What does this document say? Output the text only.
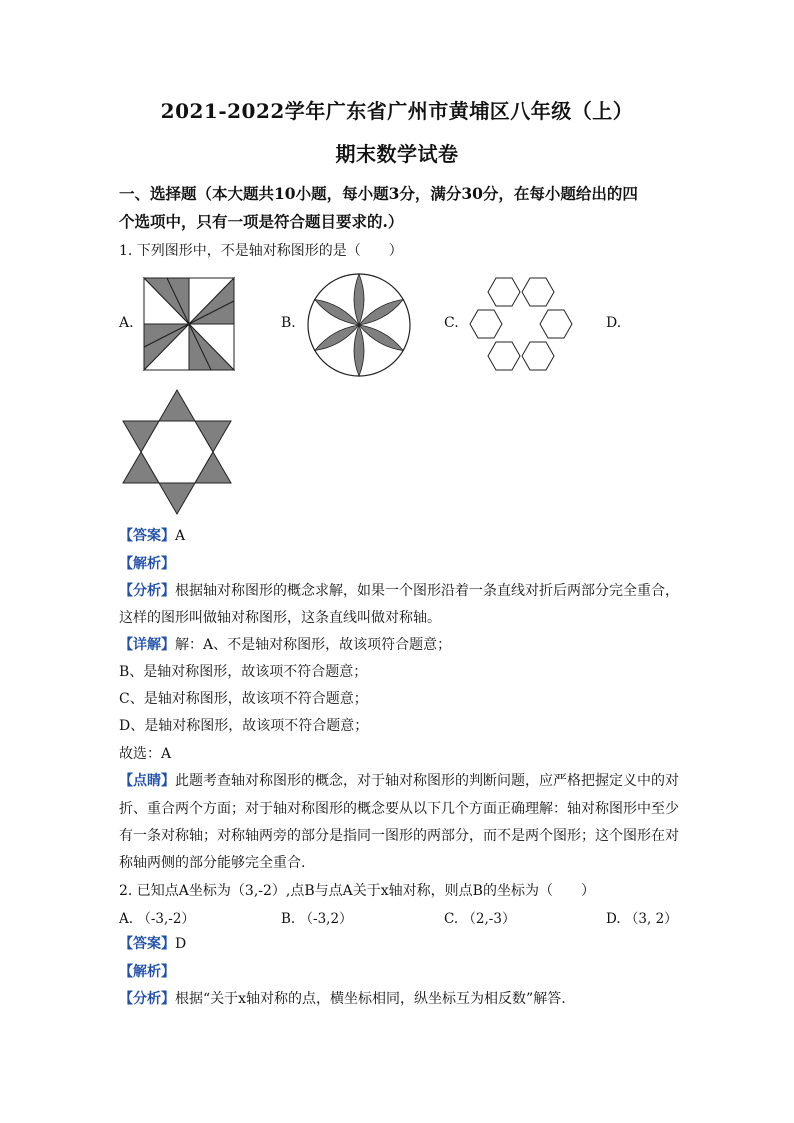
2021-2022学年广东省广州市黄埔区八年级（上）
期末数学试卷
一、选择题（本大题共10小题，每小题3分，满分30分，在每小题给出的四
个选项中，只有一项是符合题目要求的.）
1. 下列图形中，不是轴对称图形的是（　　）
A.	B.	C.	D.
【答案】A
【解析】
【分析】根据轴对称图形的概念求解，如果一个图形沿着一条直线对折后两部分完全重合，
这样的图形叫做轴对称图形，这条直线叫做对称轴。
【详解】解：A、不是轴对称图形，故该项符合题意；
B、是轴对称图形，故该项不符合题意；
C、是轴对称图形，故该项不符合题意；
D、是轴对称图形，故该项不符合题意；
故选：A
【点睛】此题考查轴对称图形的概念，对于轴对称图形的判断问题，应严格把握定义中的对
折、重合两个方面；对于轴对称图形的概念要从以下几个方面正确理解：轴对称图形中至少
有一条对称轴；对称轴两旁的部分是指同一图形的两部分，而不是两个图形；这个图形在对
称轴两侧的部分能够完全重合.
2. 已知点A坐标为（3,-2）,点B与点A关于x轴对称，则点B的坐标为（　　）
A. （-3,-2）	B. （-3,2）	C. （2,-3）	D. （3, 2）
【答案】D
【解析】
【分析】根据“关于x轴对称的点，横坐标相同，纵坐标互为相反数”解答.
